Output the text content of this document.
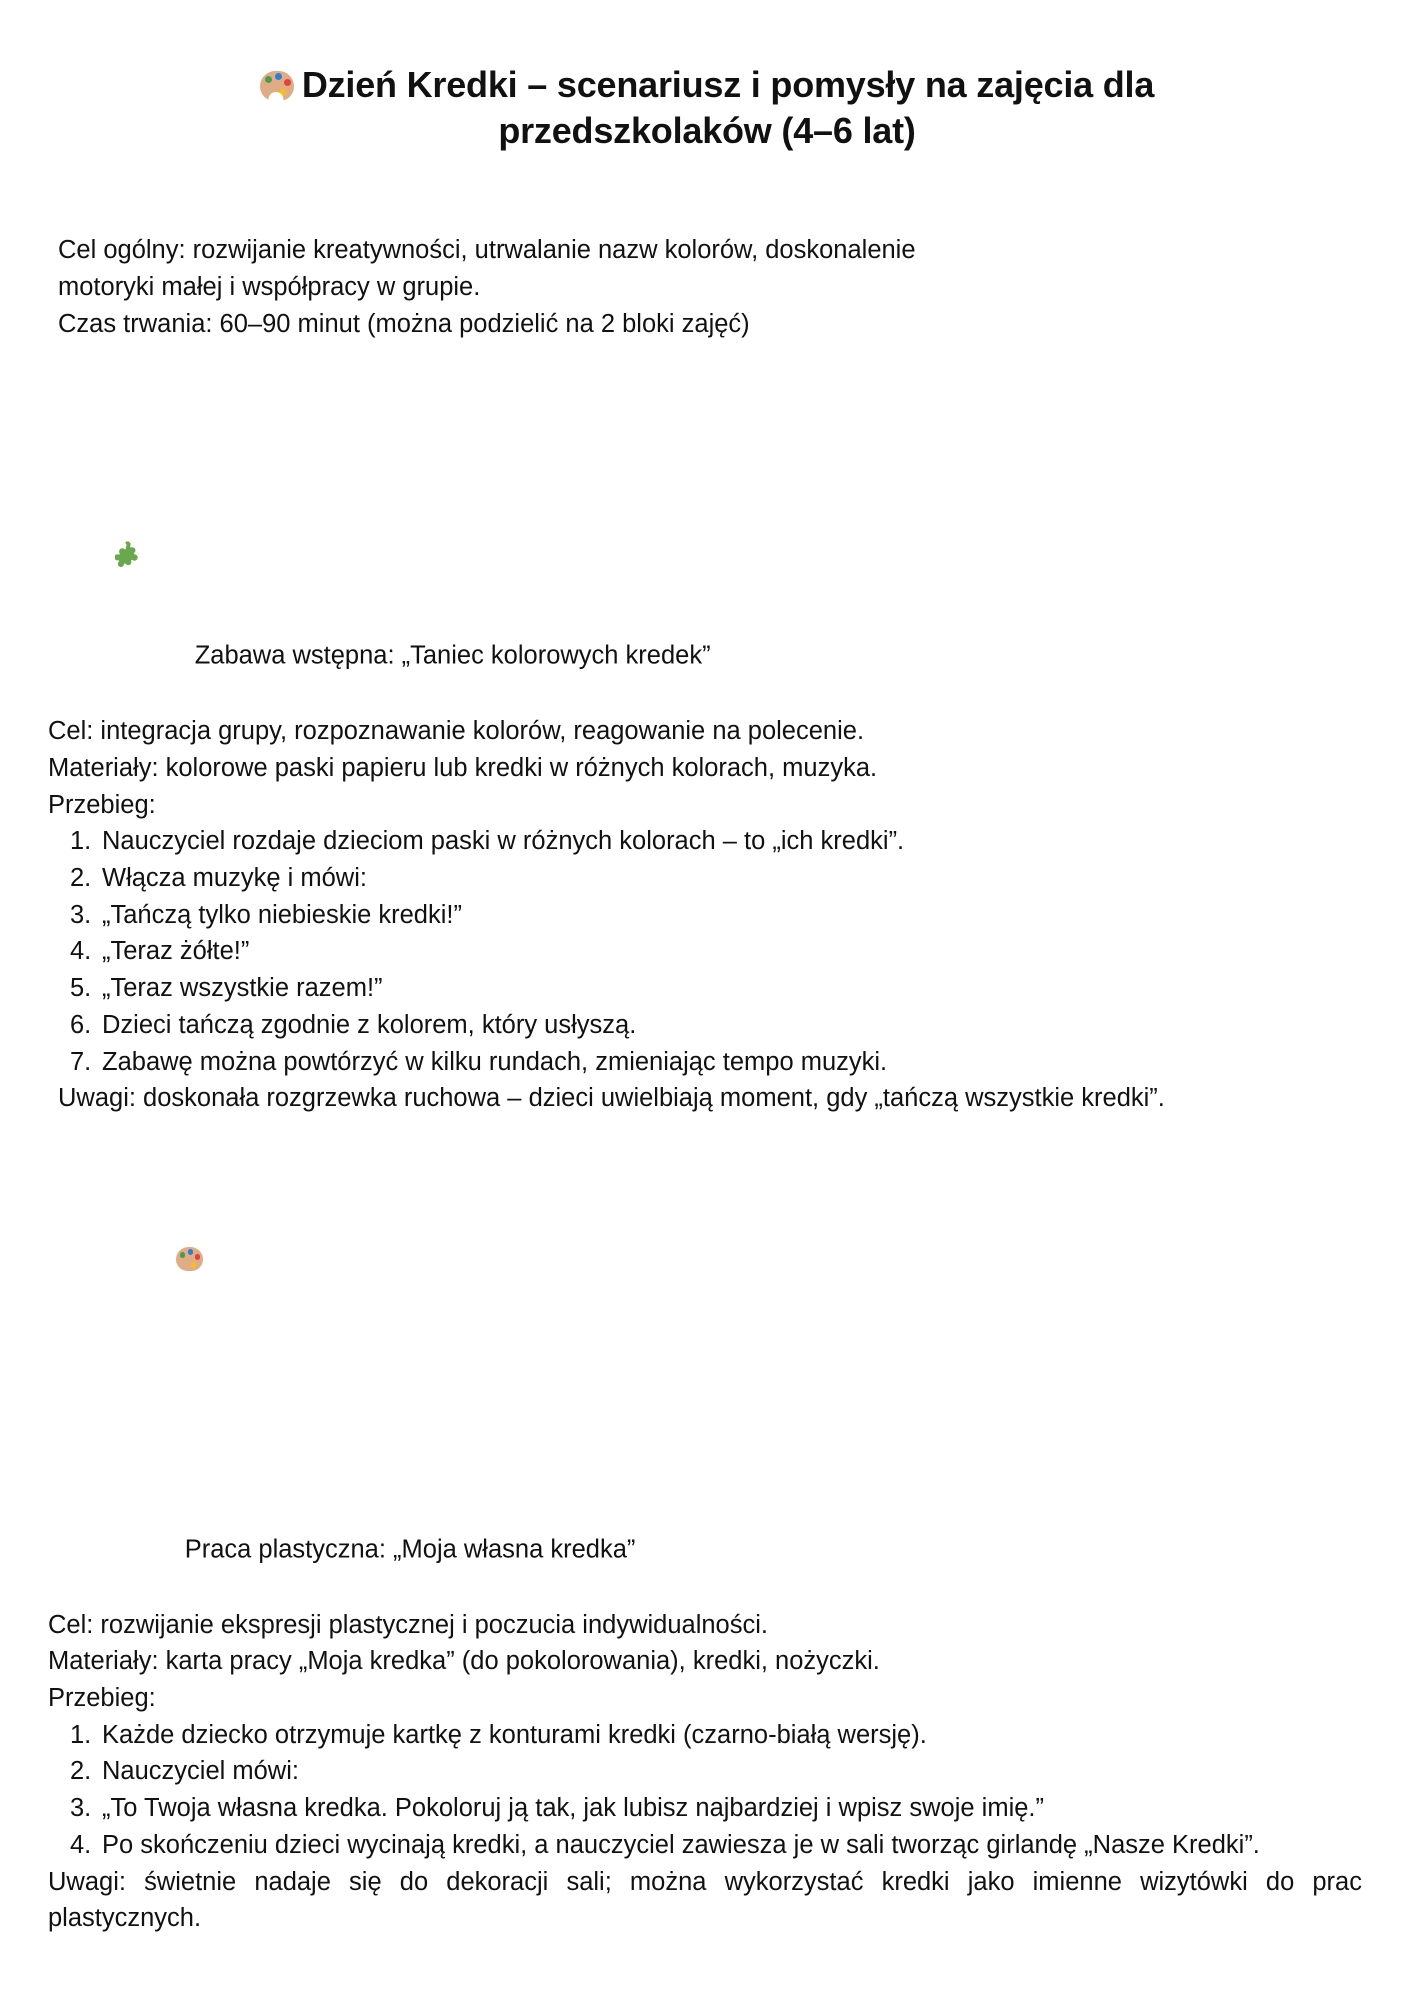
Dzień Kredki – scenariusz i pomysły na zajęcia dla przedszkolaków (4–6 lat)

Cel ogólny: rozwijanie kreatywności, utrwalanie nazw kolorów, doskonalenie

motoryki małej i współpracy w grupie.

Czas trwania: 60–90 minut (można podzielić na 2 bloki zajęć)

Zabawa wstępna: „Taniec kolorowych kredek”

Cel: integracja grupy, rozpoznawanie kolorów, reagowanie na polecenie.
Materiały: kolorowe paski papieru lub kredki w różnych kolorach, muzyka.
Przebieg:
1. Nauczyciel rozdaje dzieciom paski w różnych kolorach – to „ich kredki”.
2. Włącza muzykę i mówi:
3. „Tańczą tylko niebieskie kredki!”
4. „Teraz żółte!”
5. „Teraz wszystkie razem!”
6. Dzieci tańczą zgodnie z kolorem, który usłyszą.
7. Zabawę można powtórzyć w kilku rundach, zmieniając tempo muzyki.

Uwagi: doskonała rozgrzewka ruchowa – dzieci uwielbiają moment, gdy „tańczą wszystkie kredki”.

Praca plastyczna: „Moja własna kredka”

Cel: rozwijanie ekspresji plastycznej i poczucia indywidualności.
Materiały: karta pracy „Moja kredka” (do pokolorowania), kredki, nożyczki.
Przebieg:
1. Każde dziecko otrzymuje kartkę z konturami kredki (czarno-białą wersję).
2. Nauczyciel mówi:
3. „To Twoja własna kredka. Pokoloruj ją tak, jak lubisz najbardziej i wpisz swoje imię.”
4. Po skończeniu dzieci wycinają kredki, a nauczyciel zawiesza je w sali tworząc girlandę „Nasze Kredki”.

Uwagi: świetnie nadaje się do dekoracji sali; można wykorzystać kredki jako imienne wizytówki do prac plastycznych.
